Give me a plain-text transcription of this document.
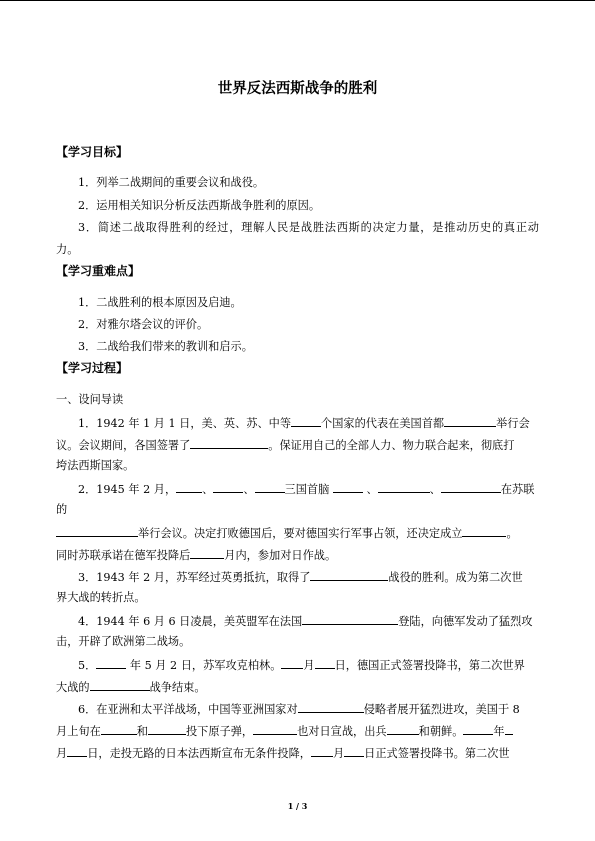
世界反法西斯战争的胜利
【学习目标】
1．列举二战期间的重要会议和战役。
2．运用相关知识分析反法西斯战争胜利的原因。
3．简述二战取得胜利的经过，理解人民是战胜法西斯的决定力量，是推动历史的真正动
力。
【学习重难点】
1．二战胜利的根本原因及启迪。
2．对雅尔塔会议的评价。
3．二战给我们带来的教训和启示。
【学习过程】
一、设问导读
1．1942 年 1 月 1 日，美、英、苏、中等	个国家的代表在美国首都	举行会
议。会议期间，各国签署了	。保证用自己的全部人力、物力联合起来，彻底打
垮法西斯国家。
2．1945 年 2 月， 、	、	三国首脑	、	、	在苏联
的
举行会议。决定打败德国后，要对德国实行军事占领，还决定成立	。
同时苏联承诺在德军投降后	月内，参加对日作战。
3．1943 年 2 月，苏军经过英勇抵抗，取得了	战役的胜利。成为第二次世
界大战的转折点。
4．1944 年 6 月 6 日凌晨，美英盟军在法国	登陆，向德军发动了猛烈攻
击，开辟了欧洲第二战场。
5．	年 5 月 2 日，苏军攻克柏林。 月 日，德国正式签署投降书，第二次世界
大战的	战争结束。
6．在亚洲和太平洋战场，中国等亚洲国家对	侵略者展开猛烈进攻，美国于 8
月上旬在	和	投下原子弹，	也对日宣战，出兵	和朝鲜。	年
月 日，走投无路的日本法西斯宣布无条件投降， 月 日正式签署投降书。第二次世
1 / 3
